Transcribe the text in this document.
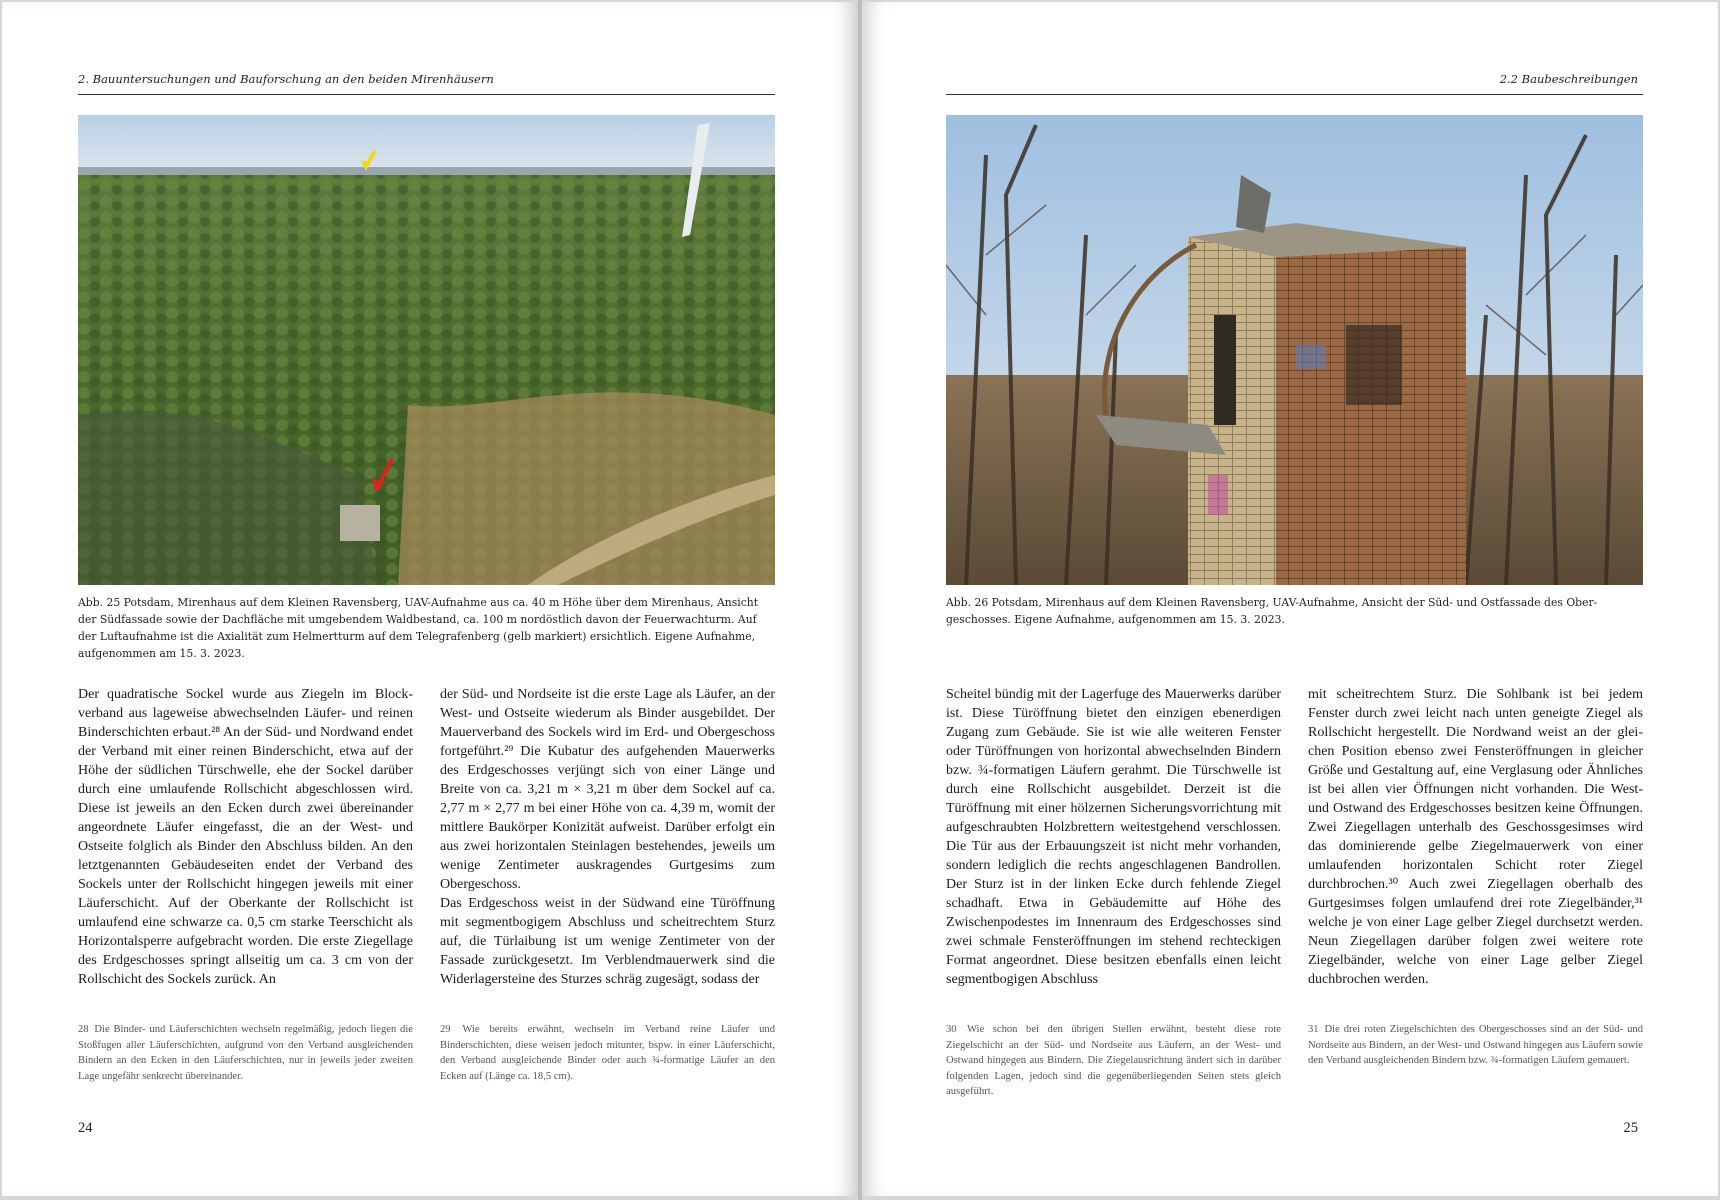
2. Bauuntersuchungen und Bauforschung an den beiden Mirenhäusern
Abb. 25 Potsdam, Mirenhaus auf dem Kleinen Ravensberg, UAV-Aufnahme aus ca. 40 m Höhe über dem Mirenhaus, Ansicht der Südfassade sowie der Dachfläche mit umgebendem Waldbestand, ca. 100 m nordöstlich davon der Feuerwachturm. Auf der Luftaufnahme ist die Axialität zum Helmertturm auf dem Telegrafenberg (gelb markiert) ersichtlich. Eigene Aufnahme, aufgenommen am 15. 3. 2023.

Der quadratische Sockel wurde aus Ziegeln im Blockverband aus lageweise abwechselnden Läufer- und reinen Binderschichten erbaut.²⁸ An der Süd- und Nordwand endet der Verband mit einer reinen Binderschicht, etwa auf der Höhe der südlichen Türschwelle, ehe der Sockel darüber durch eine umlaufende Rollschicht abgeschlossen wird. Diese ist jeweils an den Ecken durch zwei übereinander angeordnete Läufer eingefasst, die an der West- und Ostseite folglich als Binder den Abschluss bilden. An den letztgenannten Gebäudeseiten endet der Verband des Sockels unter der Rollschicht hingegen jeweils mit einer Läuferschicht. Auf der Oberkante der Rollschicht ist umlaufend eine schwarze ca. 0,5 cm starke Teerschicht als Horizontalsperre aufgebracht worden. Die erste Ziegellage des Erdgeschosses springt allseitig um ca. 3 cm von der Rollschicht des Sockels zurück. An

der Süd- und Nordseite ist die erste Lage als Läufer, an der West- und Ostseite wiederum als Binder ausgebildet. Der Mauerverband des Sockels wird im Erd- und Obergeschoss fortgeführt.²⁹ Die Kubatur des aufgehenden Mauerwerks des Erdgeschosses verjüngt sich von einer Länge und Breite von ca. 3,21 m × 3,21 m über dem Sockel auf ca. 2,77 m × 2,77 m bei einer Höhe von ca. 4,39 m, womit der mittlere Baukörper Konizität aufweist. Darüber erfolgt ein aus zwei horizontalen Steinlagen bestehendes, jeweils um wenige Zentimeter auskragendes Gurtgesims zum Obergeschoss.

Das Erdgeschoss weist in der Südwand eine Türöffnung mit segmentbogigem Abschluss und scheitrechtem Sturz auf, die Türlaibung ist um wenige Zentimeter von der Fassade zurückgesetzt. Im Verblendmauerwerk sind die Widerlagersteine des Sturzes schräg zugesägt, sodass der

28 Die Binder- und Läuferschichten wechseln regelmäßig, jedoch liegen die Stoßfugen aller Läuferschichten, aufgrund von den Verband ausgleichenden Bindern an den Ecken in den Läuferschichten, nur in jeweils jeder zweiten Lage ungefähr senkrecht übereinander.
29 Wie bereits erwähnt, wechseln im Verband reine Läufer und Binderschichten, diese weisen jedoch mitunter, bspw. in einer Läuferschicht, den Verband ausgleichende Binder oder auch ¾-formatige Läufer an den Ecken auf (Länge ca. 18,5 cm).
24
2.2 Baubeschreibungen
Abb. 26 Potsdam, Mirenhaus auf dem Kleinen Ravensberg, UAV-Aufnahme, Ansicht der Süd- und Ostfassade des Obergeschosses. Eigene Aufnahme, aufgenommen am 15. 3. 2023.

Scheitel bündig mit der Lagerfuge des Mauerwerks darüber ist. Diese Türöffnung bietet den einzigen ebenerdigen Zugang zum Gebäude. Sie ist wie alle weiteren Fenster oder Türöffnungen von horizontal abwechselnden Bindern bzw. ¾-formatigen Läufern gerahmt. Die Türschwelle ist durch eine Rollschicht ausgebildet. Derzeit ist die Türöffnung mit einer hölzernen Sicherungsvorrichtung mit aufgeschraubten Holzbrettern weitestgehend verschlossen. Die Tür aus der Erbauungszeit ist nicht mehr vorhanden, sondern lediglich die rechts angeschlagenen Bandrollen. Der Sturz ist in der linken Ecke durch fehlende Ziegel schadhaft. Etwa in Gebäudemitte auf Höhe des Zwischenpodestes im Innenraum des Erdgeschosses sind zwei schmale Fensteröffnungen im stehend rechteckigen Format angeordnet. Diese besitzen ebenfalls einen leicht segmentbogigen Abschluss

mit scheitrechtem Sturz. Die Sohlbank ist bei jedem Fenster durch zwei leicht nach unten geneigte Ziegel als Rollschicht hergestellt. Die Nordwand weist an der gleichen Position ebenso zwei Fensteröffnungen in gleicher Größe und Gestaltung auf, eine Verglasung oder Ähnliches ist bei allen vier Öffnungen nicht vorhanden. Die West- und Ostwand des Erdgeschosses besitzen keine Öffnungen. Zwei Ziegellagen unterhalb des Geschossgesimses wird das dominierende gelbe Ziegelmauerwerk von einer umlaufenden horizontalen Schicht roter Ziegel durchbrochen.³⁰ Auch zwei Ziegellagen oberhalb des Gurtgesimses folgen umlaufend drei rote Ziegelbänder,³¹ welche je von einer Lage gelber Ziegel durchsetzt werden. Neun Ziegellagen darüber folgen zwei weitere rote Ziegelbänder, welche von einer Lage gelber Ziegel duchbrochen werden.

30 Wie schon bei den übrigen Stellen erwähnt, besteht diese rote Ziegelschicht an der Süd- und Nordseite aus Läufern, an der West- und Ostwand hingegen aus Bindern. Die Ziegelausrichtung ändert sich in darüber folgenden Lagen, jedoch sind die gegenüberliegenden Seiten stets gleich ausgeführt.
31 Die drei roten Ziegelschichten des Obergeschosses sind an der Süd- und Nordseite aus Bindern, an der West- und Ostwand hingegen aus Läufern sowie den Verband ausgleichenden Bindern bzw. ¾-formatigen Läufern gemauert.
25
